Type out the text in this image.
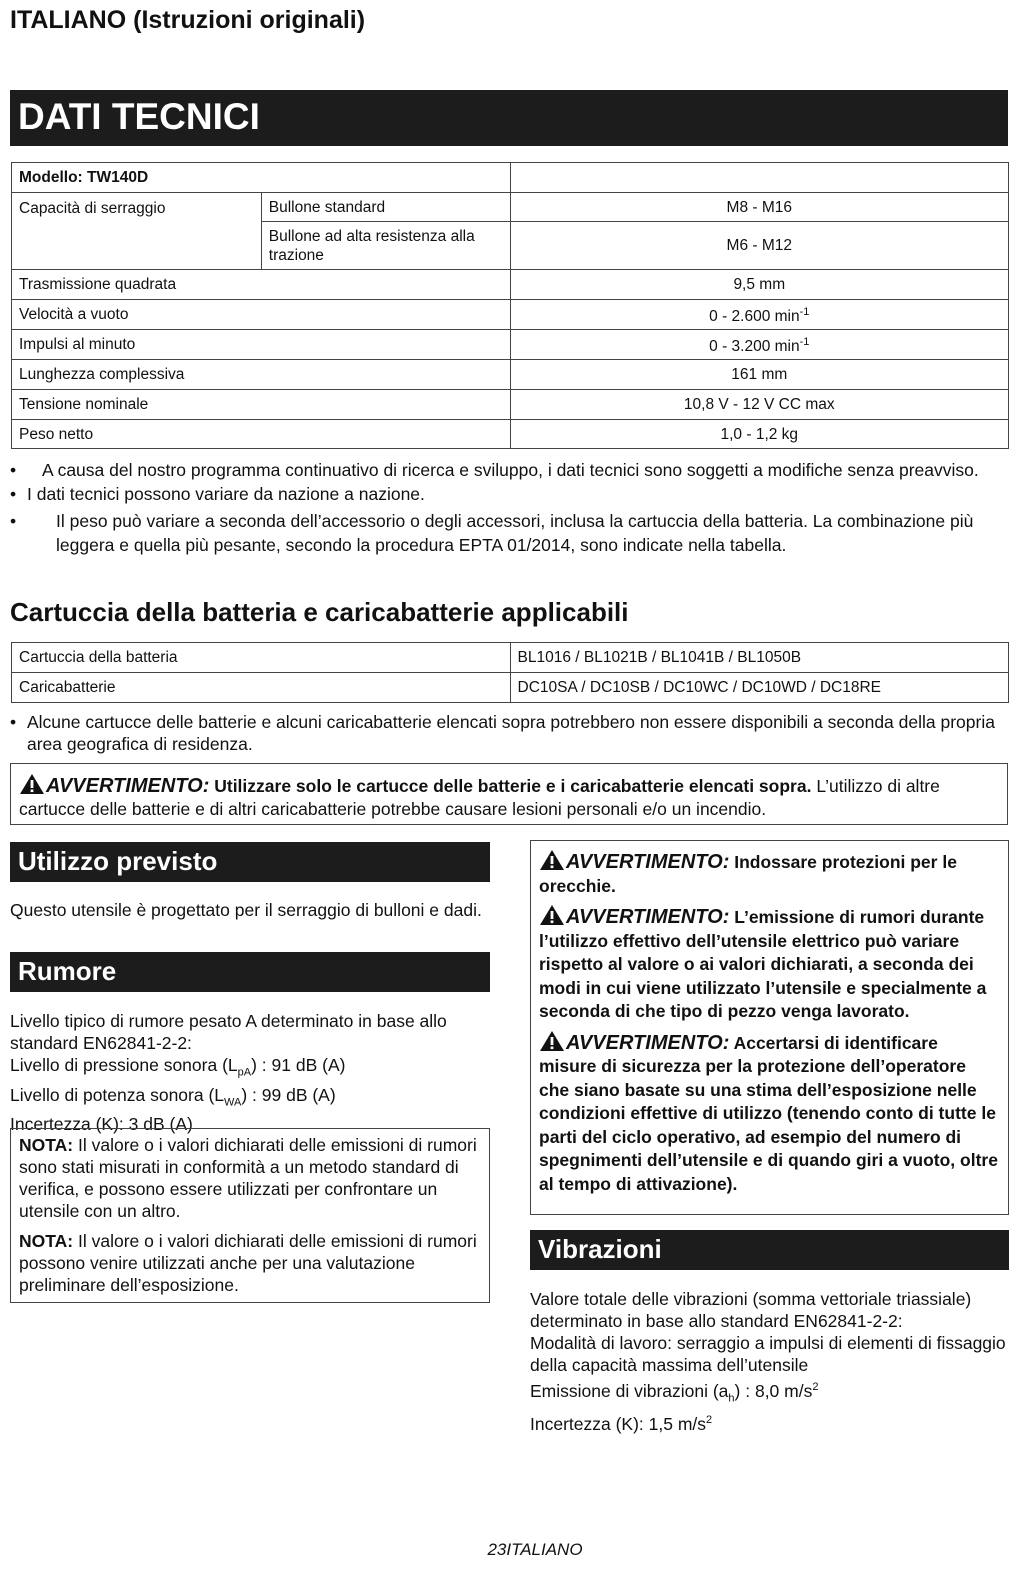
ITALIANO (Istruzioni originali)
DATI TECNICI
Modello: TW140D		
Capacità di serraggio	Bullone standard	M8 - M16
	Bullone ad alta resistenza alla trazione	M6 - M12
Trasmissione quadrata		9,5 mm
Velocità a vuoto		0 - 2.600 $\min^{-1}$
Impulsi al minuto		0 - 3.200 $\min^{-1}$
Lunghezza complessiva		161 mm
Tensione nominale		10,8 V - 12 V CC max
Peso netto		1,0 - 1,2 kg
• A causa del nostro programma continuativo di ricerca e sviluppo, i dati tecnici sono soggetti a modifiche senza preavviso.
• I dati tecnici possono variare da nazione a nazione.
• Il peso può variare a seconda dell’accessorio o degli accessori, inclusa la cartuccia della batteria. La combinazione più leggera e quella più pesante, secondo la procedura EPTA 01/2014, sono indicate nella tabella.
Cartuccia della batteria e caricabatterie applicabili
Cartuccia della batteria	BL1016 / BL1021B / BL1041B / BL1050B
Caricabatterie	DC10SA / DC10SB / DC10WC / DC10WD / DC18RE
• Alcune cartucce delle batterie e alcuni caricabatterie elencati sopra potrebbero non essere disponibili a seconda della propria area geografica di residenza.
AVVERTIMENTO: Utilizzare solo le cartucce delle batterie e i caricabatterie elencati sopra. L’utilizzo di altre cartucce delle batterie e di altri caricabatterie potrebbe causare lesioni personali e/o un incendio.
Utilizzo previsto
Questo utensile è progettato per il serraggio di bulloni e dadi.
Rumore
Livello tipico di rumore pesato A determinato in base allo standard EN62841-2-2:
Livello di pressione sonora $(L_{pA})$ : 91 dB (A)
Livello di potenza sonora $(L_{WA})$ : 99 dB (A)
Incertezza (K): 3 dB (A)
NOTA: Il valore o i valori dichiarati delle emissioni di rumori sono stati misurati in conformità a un metodo standard di verifica, e possono essere utilizzati per confrontare un utensile con un altro.
NOTA: Il valore o i valori dichiarati delle emissioni di rumori possono venire utilizzati anche per una valutazione preliminare dell’esposizione.
AVVERTIMENTO: Indossare protezioni per le orecchie.
AVVERTIMENTO: L’emissione di rumori durante l’utilizzo effettivo dell’utensile elettrico può variare rispetto al valore o ai valori dichiarati, a seconda dei modi in cui viene utilizzato l’utensile e specialmente a seconda di che tipo di pezzo venga lavorato.
AVVERTIMENTO: Accertarsi di identificare misure di sicurezza per la protezione dell’operatore che siano basate su una stima dell’esposizione nelle condizioni effettive di utilizzo (tenendo conto di tutte le parti del ciclo operativo, ad esempio del numero di spegnimenti dell’utensile e di quando giri a vuoto, oltre al tempo di attivazione).
Vibrazioni
Valore totale delle vibrazioni (somma vettoriale triassiale) determinato in base allo standard EN62841-2-2:
Modalità di lavoro: serraggio a impulsi di elementi di fissaggio della capacità massima dell’utensile
Emissione di vibrazioni $(a_h)$ : 8,0 $m/s^2$
Incertezza (K): 1,5 $m/s^2$
23ITALIANO
